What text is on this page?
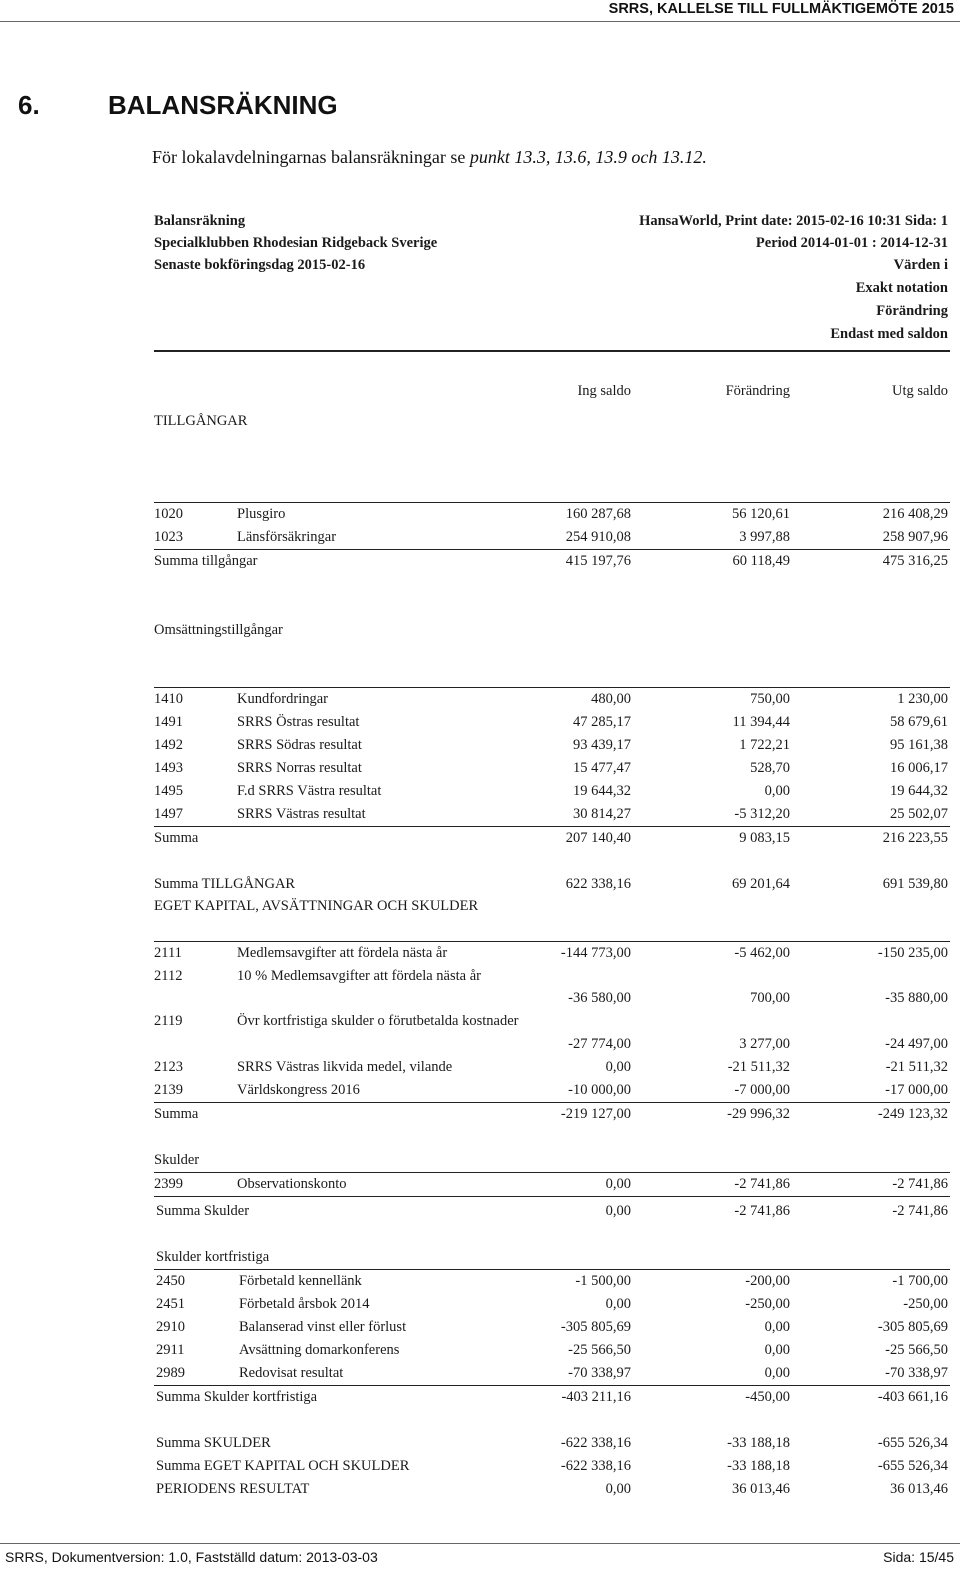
SRRS, KALLELSE TILL FULLMÄKTIGEMÖTE 2015
6.	BALANSRÄKNING
För lokalavdelningarnas balansräkningar se punkt 13.3, 13.6, 13.9 och 13.12.
Balansräkning
Specialklubben Rhodesian Ridgeback Sverige
Senaste bokföringsdag 2015-02-16
HansaWorld, Print date: 2015-02-16 10:31 Sida: 1
Period 2014-01-01 : 2014-12-31
Värden i
Exakt notation
Förändring
Endast med saldon
Ing saldo	Förändring	Utg saldo
TILLGÅNGAR
1020	Plusgiro	160 287,68	56 120,61	216 408,29
1023	Länsförsäkringar	254 910,08	3 997,88	258 907,96
Summa tillgångar	415 197,76	60 118,49	475 316,25
Omsättningstillgångar
1410	Kundfordringar	480,00	750,00	1 230,00
1491	SRRS Östras resultat	47 285,17	11 394,44	58 679,61
1492	SRRS Södras resultat	93 439,17	1 722,21	95 161,38
1493	SRRS Norras resultat	15 477,47	528,70	16 006,17
1495	F.d SRRS Västra resultat	19 644,32	0,00	19 644,32
1497	SRRS Västras resultat	30 814,27	-5 312,20	25 502,07
Summa	207 140,40	9 083,15	216 223,55
Summa TILLGÅNGAR	622 338,16	69 201,64	691 539,80
EGET KAPITAL, AVSÄTTNINGAR OCH SKULDER
2111	Medlemsavgifter att fördela nästa år	-144 773,00	-5 462,00	-150 235,00
2112	10 % Medlemsavgifter att fördela nästa år
-36 580,00	700,00	-35 880,00
2119	Övr kortfristiga skulder o förutbetalda kostnader
-27 774,00	3 277,00	-24 497,00
2123	SRRS Västras likvida medel, vilande	0,00	-21 511,32	-21 511,32
2139	Världskongress 2016	-10 000,00	-7 000,00	-17 000,00
Summa	-219 127,00	-29 996,32	-249 123,32
Skulder
2399	Observationskonto	0,00	-2 741,86	-2 741,86
Summa Skulder	0,00	-2 741,86	-2 741,86
Skulder kortfristiga
2450	Förbetald kennellänk	-1 500,00	-200,00	-1 700,00
2451	Förbetald årsbok 2014	0,00	-250,00	-250,00
2910	Balanserad vinst eller förlust	-305 805,69	0,00	-305 805,69
2911	Avsättning domarkonferens	-25 566,50	0,00	-25 566,50
2989	Redovisat resultat	-70 338,97	0,00	-70 338,97
Summa Skulder kortfristiga	-403 211,16	-450,00	-403 661,16
Summa SKULDER	-622 338,16	-33 188,18	-655 526,34
Summa EGET KAPITAL OCH SKULDER	-622 338,16	-33 188,18	-655 526,34
PERIODENS RESULTAT	0,00	36 013,46	36 013,46
SRRS, Dokumentversion: 1.0, Fastställd datum: 2013-03-03	Sida: 15/45
